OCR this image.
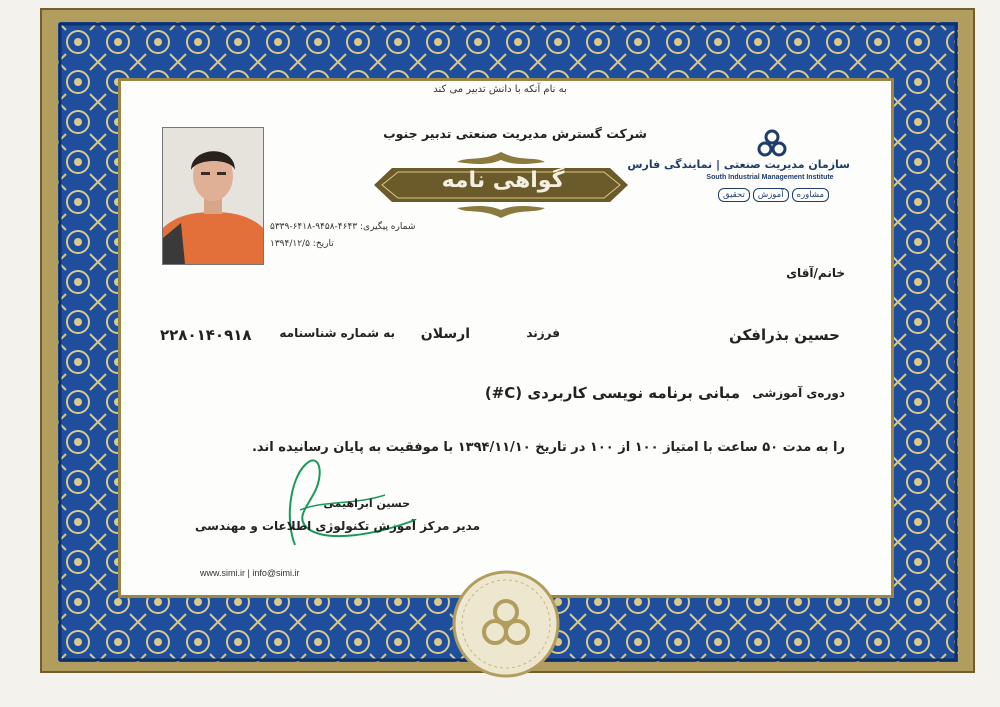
به نام آنکه با دانش تدبیر می کند
شرکت گسترش مدیریت صنعتی تدبیر جنوب
گواهی نامه
شماره پیگیری: ۴۶۴۳-۹۴۵۸-۶۴۱۸-۵۳۳۹
تاریخ: ۱۳۹۴/۱۲/۵
سازمان مدیریت صنعتی | نمایندگی فارس
South Industrial Management Institute
مشاوره
آموزش
تحقیق
خانم/آقای
حسین بذرافکن
فرزند
ارسلان
به شماره شناسنامه
۲۲۸۰۱۴۰۹۱۸
دوره‌ی آموزشی
مبانی برنامه نویسی کاربردی (C#)
را به مدت ۵۰ ساعت با امتیاز ۱۰۰ از ۱۰۰ در تاریخ ۱۳۹۴/۱۱/۱۰ با موفقیت به پایان رسانیده اند.
حسین ابراهیمی
مدیر مرکز آموزش تکنولوژی اطلاعات و مهندسی
www.simi.ir | info@simi.ir
